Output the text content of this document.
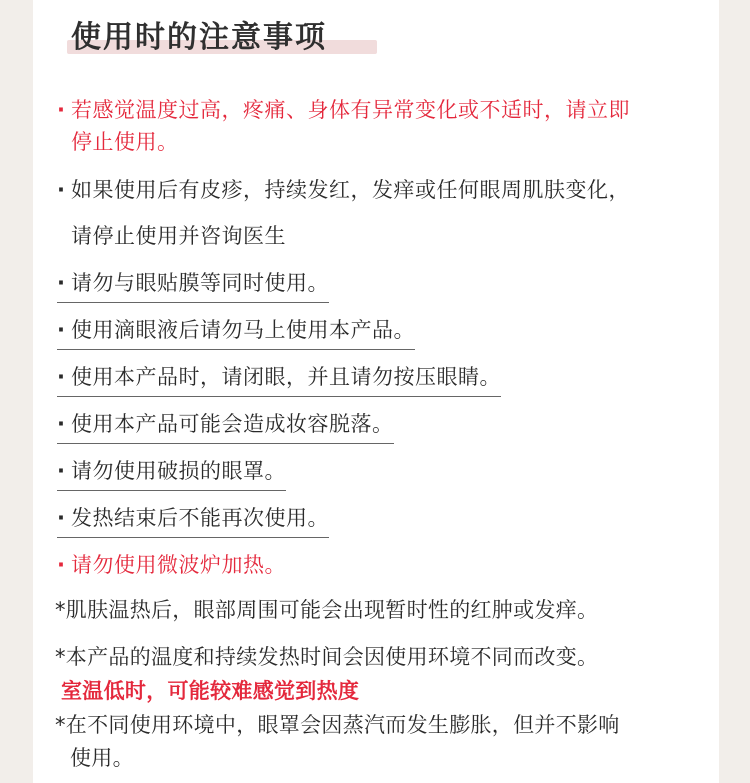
使用时的注意事项
· 若感觉温度过高，疼痛、身体有异常变化或不适时，请立即
停止使用。
· 如果使用后有皮疹，持续发红，发痒或任何眼周肌肤变化，
请停止使用并咨询医生
· 请勿与眼贴膜等同时使用。
· 使用滴眼液后请勿马上使用本产品。
· 使用本产品时，请闭眼，并且请勿按压眼睛。
· 使用本产品可能会造成妆容脱落。
· 请勿使用破损的眼罩。
· 发热结束后不能再次使用。
· 请勿使用微波炉加热。
*肌肤温热后，眼部周围可能会出现暂时性的红肿或发痒。
*本产品的温度和持续发热时间会因使用环境不同而改变。
室温低时，可能较难感觉到热度
*在不同使用环境中，眼罩会因蒸汽而发生膨胀，但并不影响
使用。
